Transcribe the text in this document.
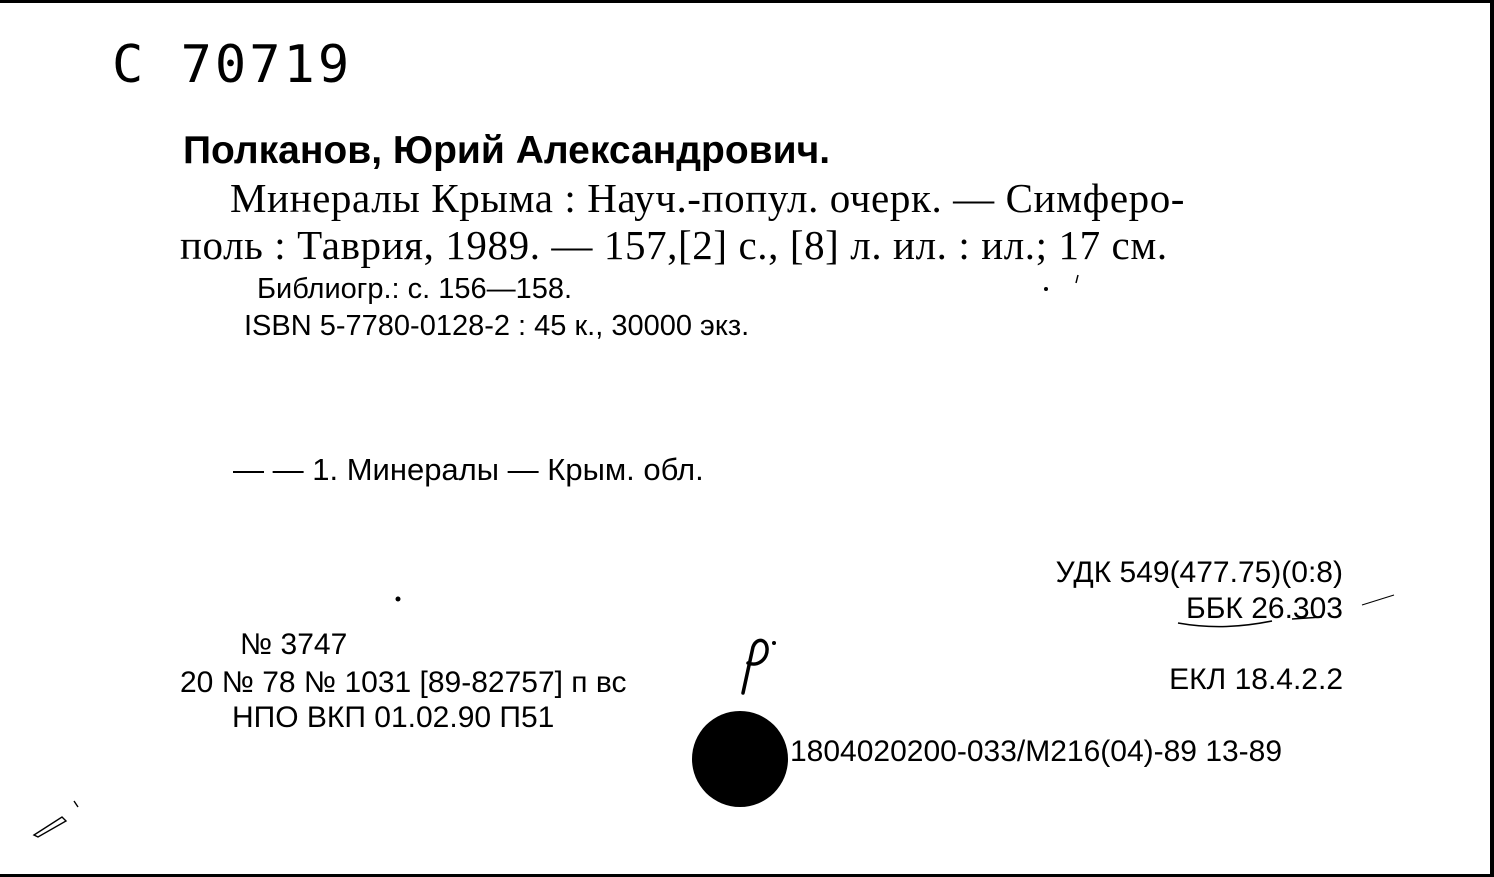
С 70719
Полканов, Юрий Александрович.
Минералы Крыма : Науч.-попул. очерк. — Симферо-
поль : Таврия, 1989. — 157,[2] с., [8] л. ил. : ил.; 17 см.
Библиогр.: с. 156—158.
ISBN 5-7780-0128-2 : 45 к., 30000 экз.
— — 1. Минералы — Крым. обл.
УДК 549(477.75)(0:8)
ББК 26.303
№ 3747
20 № 78 № 1031 [89-82757] п вс
НПО ВКП 01.02.90 П51
ЕКЛ 18.4.2.2
1804020200-033/М216(04)-89 13-89
